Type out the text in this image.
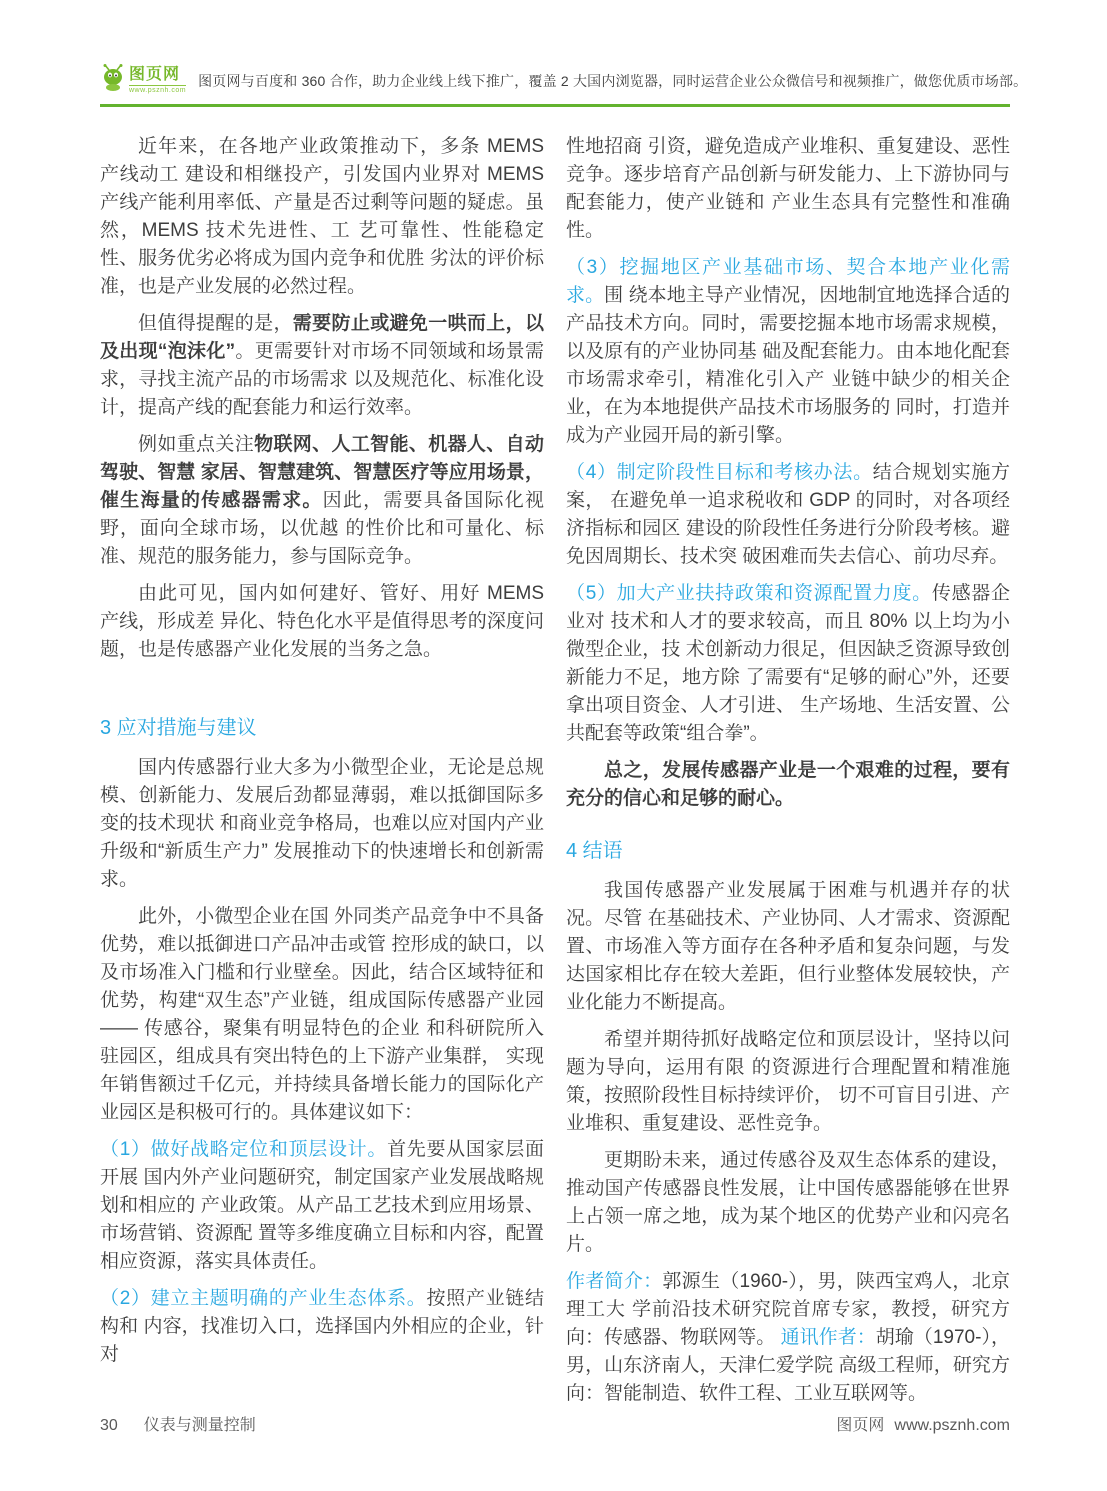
图页网
www.psznh.com
图页网与百度和 360 合作，助力企业线上线下推广，覆盖 2 大国内浏览器，同时运营企业公众微信号和视频推广，做您优质市场部。

近年来，在各地产业政策推动下，多条 MEMS 产线动工 建设和相继投产，引发国内业界对 MEMS 产线产能利用率低、产量是否过剩等问题的疑虑。虽然，MEMS 技术先进性、工 艺可靠性、性能稳定性、服务优劣必将成为国内竞争和优胜 劣汰的评价标准，也是产业发展的必然过程。

但值得提醒的是，需要防止或避免一哄而上，以及出现“泡沫化”。更需要针对市场不同领域和场景需求，寻找主流产品的市场需求 以及规范化、标准化设计，提高产线的配套能力和运行效率。

例如重点关注物联网、人工智能、机器人、自动驾驶、智慧 家居、智慧建筑、智慧医疗等应用场景，催生海量的传感器需求。因此，需要具备国际化视野，面向全球市场，以优越 的性价比和可量化、标准、规范的服务能力，参与国际竞争。

由此可见，国内如何建好、管好、用好 MEMS 产线，形成差 异化、特色化水平是值得思考的深度问题，也是传感器产业化发展的当务之急。

3 应对措施与建议

国内传感器行业大多为小微型企业，无论是总规模、创新能力、发展后劲都显薄弱，难以抵御国际多变的技术现状 和商业竞争格局，也难以应对国内产业升级和“新质生产力” 发展推动下的快速增长和创新需求。

此外，小微型企业在国 外同类产品竞争中不具备优势，难以抵御进口产品冲击或管 控形成的缺口，以及市场准入门槛和行业壁垒。因此，结合区域特征和优势，构建“双生态”产业链，组成国际传感器产业园 —— 传感谷，聚集有明显特色的企业 和科研院所入驻园区，组成具有突出特色的上下游产业集群， 实现年销售额过千亿元，并持续具备增长能力的国际化产业园区是积极可行的。具体建议如下：

（1）做好战略定位和顶层设计。首先要从国家层面开展 国内外产业问题研究，制定国家产业发展战略规划和相应的 产业政策。从产品工艺技术到应用场景、市场营销、资源配 置等多维度确立目标和内容，配置相应资源，落实具体责任。

（2）建立主题明确的产业生态体系。按照产业链结构和 内容，找准切入口，选择国内外相应的企业，针对

性地招商 引资，避免造成产业堆积、重复建设、恶性竞争。逐步培育产品创新与研发能力、上下游协同与配套能力，使产业链和 产业生态具有完整性和准确性。

（3）挖掘地区产业基础市场、契合本地产业化需求。围 绕本地主导产业情况，因地制宜地选择合适的产品技术方向。同时，需要挖掘本地市场需求规模，以及原有的产业协同基 础及配套能力。由本地化配套市场需求牵引，精准化引入产 业链中缺少的相关企业，在为本地提供产品技术市场服务的 同时，打造并成为产业园开局的新引擎。

（4）制定阶段性目标和考核办法。结合规划实施方案， 在避免单一追求税收和 GDP 的同时，对各项经济指标和园区 建设的阶段性任务进行分阶段考核。避免因周期长、技术突 破困难而失去信心、前功尽弃。

（5）加大产业扶持政策和资源配置力度。传感器企业对 技术和人才的要求较高，而且 80% 以上均为小微型企业，技 术创新动力很足，但因缺乏资源导致创新能力不足，地方除 了需要有“足够的耐心”外，还要拿出项目资金、人才引进、 生产场地、生活安置、公共配套等政策“组合拳”。

总之，发展传感器产业是一个艰难的过程，要有充分的信心和足够的耐心。

4 结语

我国传感器产业发展属于困难与机遇并存的状况。尽管 在基础技术、产业协同、人才需求、资源配置、市场准入等方面存在各种矛盾和复杂问题，与发达国家相比存在较大差距，但行业整体发展较快，产业化能力不断提高。

希望并期待抓好战略定位和顶层设计，坚持以问题为导向，运用有限 的资源进行合理配置和精准施策，按照阶段性目标持续评价， 切不可盲目引进、产业堆积、重复建设、恶性竞争。

更期盼未来，通过传感谷及双生态体系的建设，推动国产传感器良性发展，让中国传感器能够在世界上占领一席之地，成为某个地区的优势产业和闪亮名片。

作者简介：郭源生（1960-），男，陕西宝鸡人，北京理工大 学前沿技术研究院首席专家，教授，研究方向：传感器、物联网等。 通讯作者：胡瑜（1970-），男，山东济南人，天津仁爱学院 高级工程师，研究方向：智能制造、软件工程、工业互联网等。

30 仪表与测量控制	图页网 www.psznh.com
